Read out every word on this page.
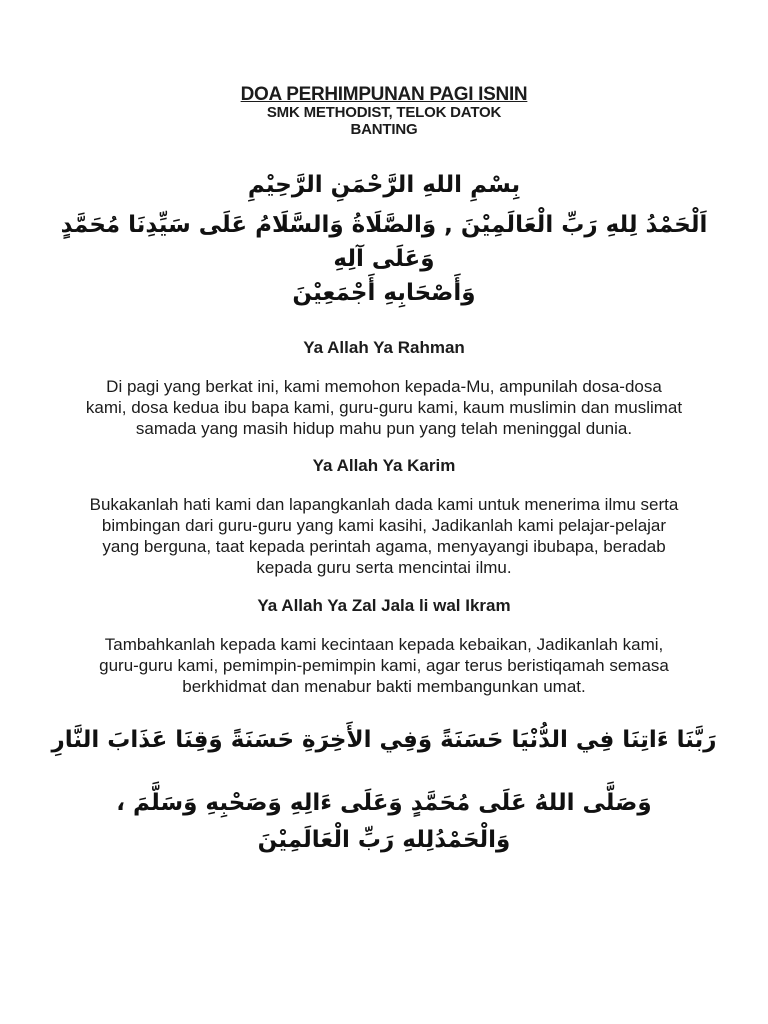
DOA PERHIMPUNAN PAGI ISNIN
SMK METHODIST, TELOK DATOK
BANTING
بِسْمِ اللهِ الرَّحْمَنِ الرَّحِيْمِ
اَلْحَمْدُ لِلهِ رَبِّ الْعَالَمِيْنَ , وَالصَّلَاةُ وَالسَّلَامُ عَلَى سَيِّدِنَا مُحَمَّدٍ وَعَلَى آلِهِ
وَأَصْحَابِهِ أَجْمَعِيْنَ
Ya Allah Ya Rahman
Di pagi yang berkat ini, kami memohon kepada-Mu, ampunilah dosa-dosa kami, dosa kedua ibu bapa kami, guru-guru kami, kaum muslimin dan muslimat samada yang masih hidup mahu pun yang telah meninggal dunia.
Ya Allah Ya Karim
Bukakanlah hati kami dan lapangkanlah dada kami untuk menerima ilmu serta bimbingan dari guru-guru yang kami kasihi, Jadikanlah kami pelajar-pelajar yang berguna, taat kepada perintah agama, menyayangi ibubapa, beradab kepada guru serta mencintai ilmu.
Ya Allah Ya Zal Jala li wal Ikram
Tambahkanlah kepada kami kecintaan kepada kebaikan, Jadikanlah kami, guru-guru kami, pemimpin-pemimpin kami, agar terus beristiqamah semasa berkhidmat dan menabur bakti membangunkan umat.
رَبَّنَا ءَاتِنَا فِي الدُّنْيَا حَسَنَةً وَفِي الأَخِرَةِ حَسَنَةً وَقِنَا عَذَابَ النَّارِ
وَصَلَّى اللهُ عَلَى مُحَمَّدٍ وَعَلَى ءَالِهِ وَصَحْبِهِ وَسَلَّمَ ،
وَالْحَمْدُلِلهِ رَبِّ الْعَالَمِيْنَ
